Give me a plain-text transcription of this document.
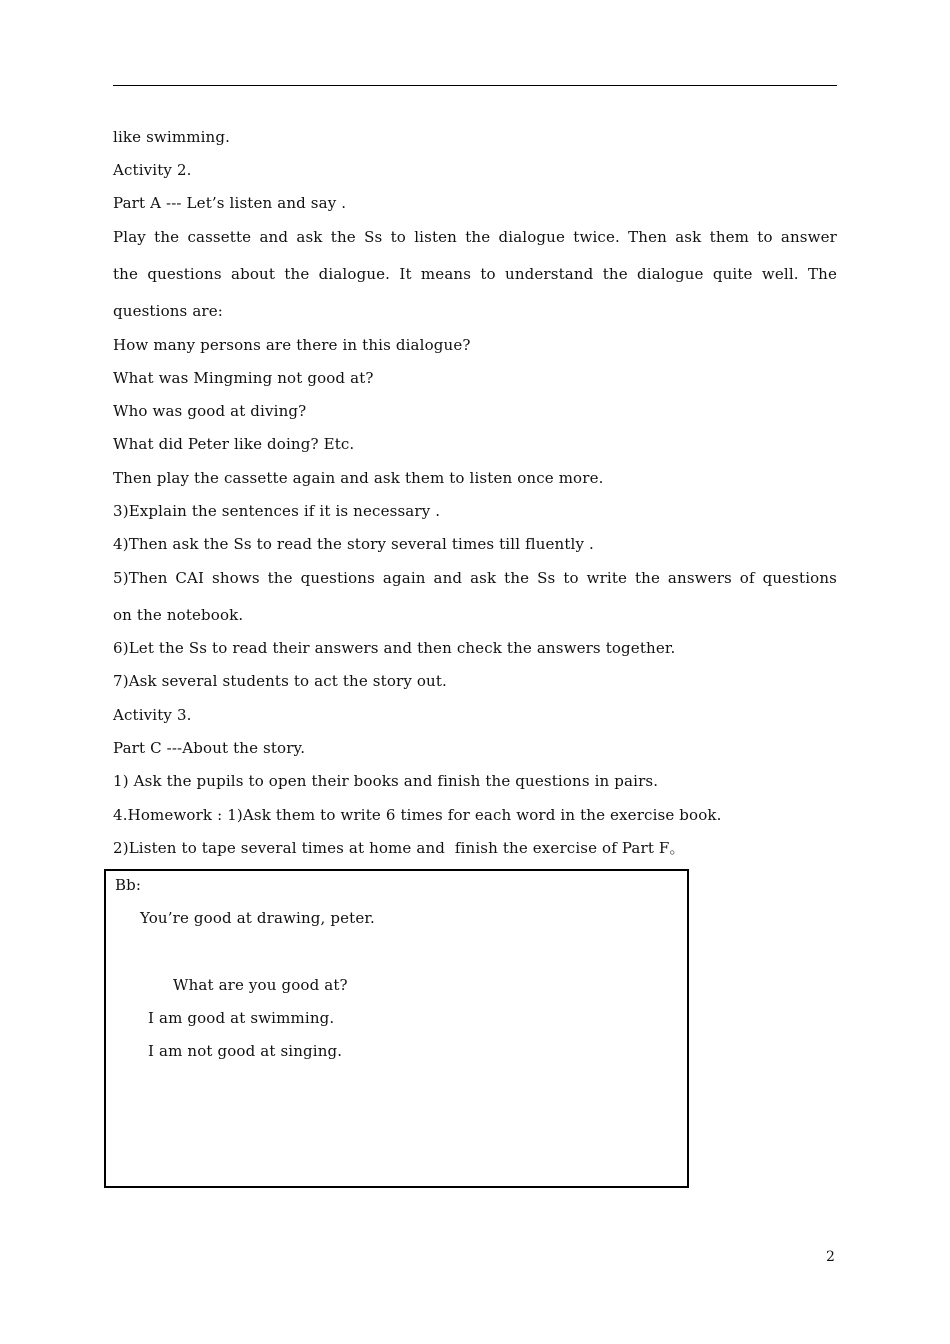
like swimming.
Activity 2.
Part A --- Let’s listen and say .
Play the cassette and ask the Ss to listen the dialogue twice. Then ask them to answer
the questions about the dialogue. It means to understand the dialogue quite well. The
questions are:
How many persons are there in this dialogue?
What was Mingming not good at?
Who was good at diving?
What did Peter like doing? Etc.
Then play the cassette again and ask them to listen once more.
3)Explain the sentences if it is necessary .
4)Then ask the Ss to read the story several times till fluently .
5)Then CAI shows the questions again and ask the Ss to write the answers of questions
on the notebook.
6)Let the Ss to read their answers and then check the answers together.
7)Ask several students to act the story out.
Activity 3.
Part C ---About the story.
1) Ask the pupils to open their books and finish the questions in pairs.
4.Homework : 1)Ask them to write 6 times for each word in the exercise book.
2)Listen to tape several times at home and  finish the exercise of Part F。
Bb:
You’re good at drawing, peter.
What are you good at?
I am good at swimming.
I am not good at singing.
2
